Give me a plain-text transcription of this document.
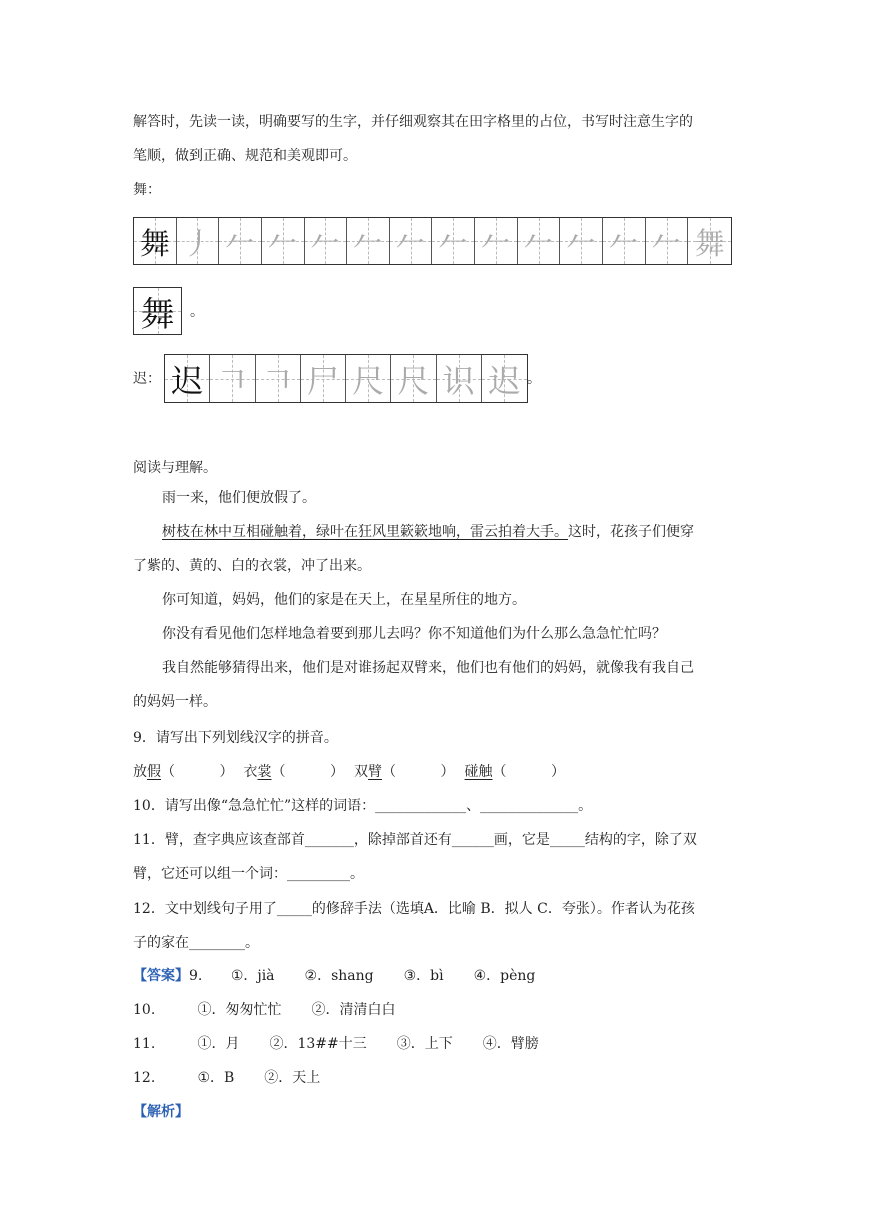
解答时，先读一读，明确要写的生字，并仔细观察其在田字格里的占位，书写时注意生字的
笔顺，做到正确、规范和美观即可。
舞：
舞 丿 𠂉 𠂉 𠂉 𠂉 𠂉 𠂉 𠂉 𠂉 𠂉 𠂉 𠂉 舞
舞 。
迟： 迟 𠃍 𠃍 尸 尺 尺 识 迟 。
阅读与理解。
雨一来，他们便放假了。
树枝在林中互相碰触着，绿叶在狂风里簌簌地响，雷云拍着大手。这时，花孩子们便穿
了紫的、黄的、白的衣裳，冲了出来。
你可知道，妈妈，他们的家是在天上，在星星所住的地方。
你没有看见他们怎样地急着要到那儿去吗？你不知道他们为什么那么急急忙忙吗？
我自然能够猜得出来，他们是对谁扬起双臂来，他们也有他们的妈妈，就像我有我自己
的妈妈一样。
9．请写出下列划线汉字的拼音。
放假（          ） 衣裳（          ） 双臂（          ） 碰触（          ）
10．请写出像“急急忙忙”这样的词语：_____________、______________。
11．臂，查字典应该查部首_______，除掉部首还有______画，它是_____结构的字，除了双
臂，它还可以组一个词：_________。
12．文中划线句子用了_____的修辞手法（选填A．比喻 B．拟人 C．夸张）。作者认为花孩
子的家在________。
【答案】9. ①．jià ②．shang ③．bì ④．pèng
10.	①．匆匆忙忙 ②．清清白白
11.	①．月 ②．13##十三 ③．上下 ④．臂膀
12.	①．B ②．天上
【解析】
